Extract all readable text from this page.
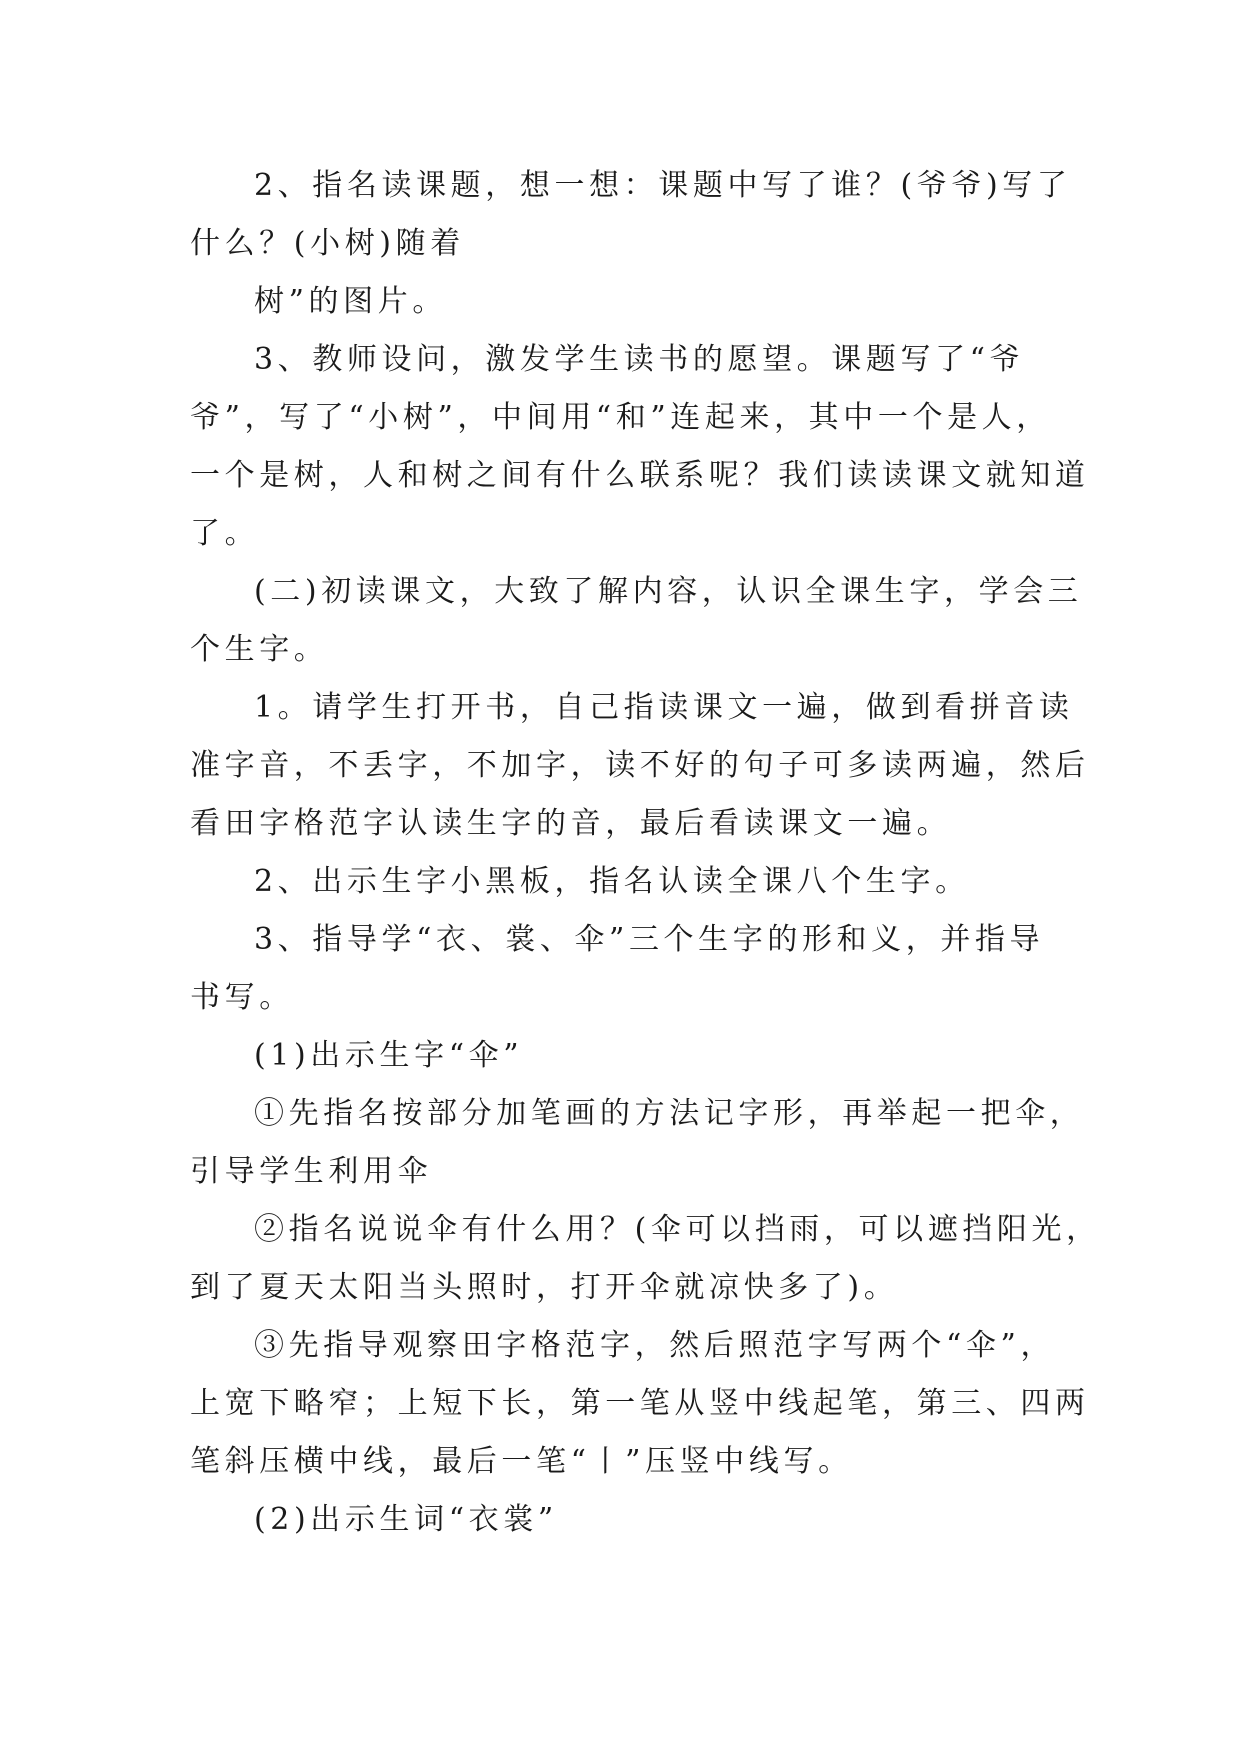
2、指名读课题，想一想：课题中写了谁？(爷爷)写了
什么？(小树)随着
树”的图片。
3、教师设问，激发学生读书的愿望。课题写了“爷
爷”，写了“小树”，中间用“和”连起来，其中一个是人，
一个是树，人和树之间有什么联系呢？我们读读课文就知道
了。
(二)初读课文，大致了解内容，认识全课生字，学会三
个生字。
1。请学生打开书，自己指读课文一遍，做到看拼音读
准字音，不丢字，不加字，读不好的句子可多读两遍，然后
看田字格范字认读生字的音，最后看读课文一遍。
2、出示生字小黑板，指名认读全课八个生字。
3、指导学“衣、裳、伞”三个生字的形和义，并指导
书写。
(1)出示生字“伞”
①先指名按部分加笔画的方法记字形，再举起一把伞，
引导学生利用伞
②指名说说伞有什么用？(伞可以挡雨，可以遮挡阳光，
到了夏天太阳当头照时，打开伞就凉快多了)。
③先指导观察田字格范字，然后照范字写两个“伞”，
上宽下略窄；上短下长，第一笔从竖中线起笔，第三、四两
笔斜压横中线，最后一笔“丨”压竖中线写。
(2)出示生词“衣裳”
